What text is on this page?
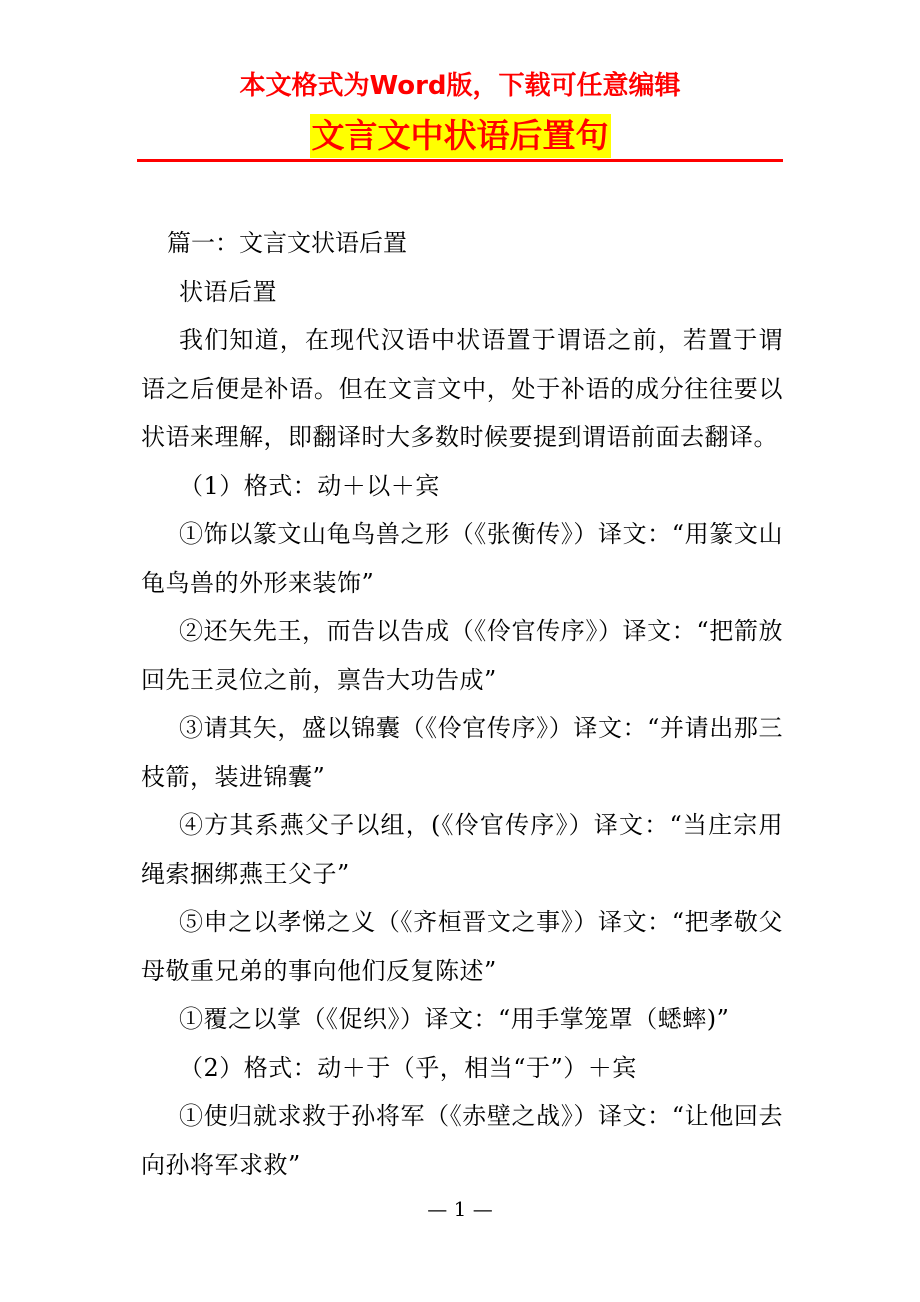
本文格式为Word版，下载可任意编辑
文言文中状语后置句

篇一：文言文状语后置

状语后置

我们知道，在现代汉语中状语置于谓语之前，若置于谓语之后便是补语。但在文言文中，处于补语的成分往往要以状语来理解，即翻译时大多数时候要提到谓语前面去翻译。

（1）格式：动＋以＋宾

①饰以篆文山龟鸟兽之形（《张衡传》）译文：“用篆文山龟鸟兽的外形来装饰”

②还矢先王，而告以告成（《伶官传序》）译文：“把箭放回先王灵位之前，禀告大功告成”

③请其矢，盛以锦囊（《伶官传序》）译文：“并请出那三枝箭，装进锦囊”

④方其系燕父子以组，(《伶官传序》）译文：“当庄宗用绳索捆绑燕王父子”

⑤申之以孝悌之义（《齐桓晋文之事》）译文：“把孝敬父母敬重兄弟的事向他们反复陈述”

①覆之以掌（《促织》）译文：“用手掌笼罩（蟋蟀)”

（2）格式：动＋于（乎，相当“于”）＋宾

①使归就求救于孙将军（《赤壁之战》）译文：“让他回去向孙将军求救”

— 1 —
